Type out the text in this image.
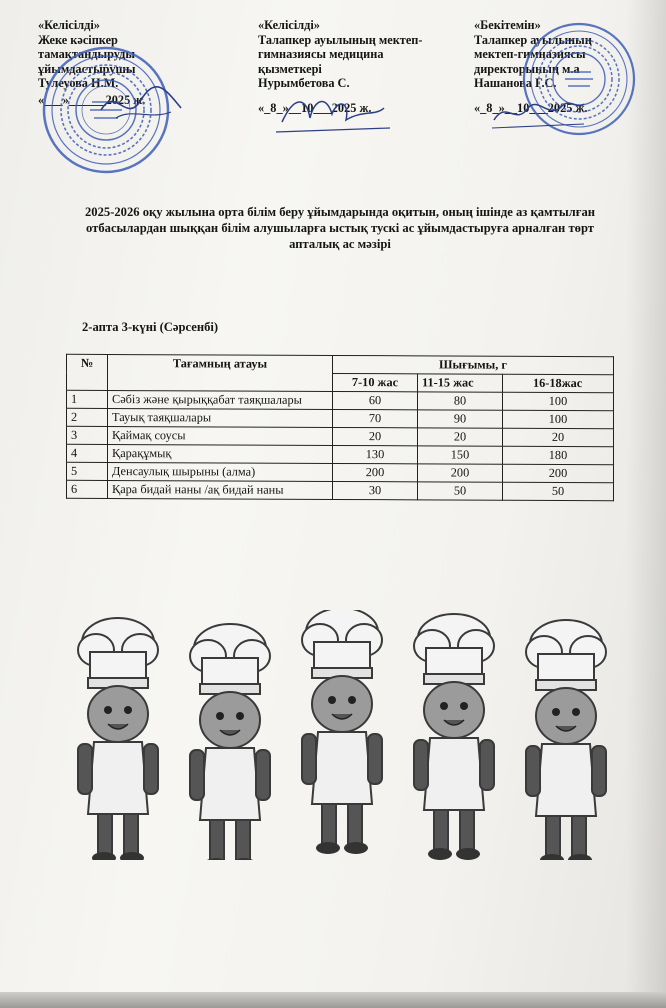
«Келісілді»
Жеке кәсіпкер
тамақтандыруды
ұйымдастырушы
Тулеуова Н.М.
«___»______2025 ж.
«Келісілді»
Талапкер ауылының мектеп-
гимназиясы медицина
қызметкері
Нурымбетова С.
«_8_»__10___2025 ж.
«Бекітемін»
Талапкер ауылының
мектеп-гимназиясы
директорының м.а
Нашанова Г.С.
«_8_»__10___2025 ж.
2025-2026 оқу жылына орта білім беру ұйымдарында оқитын, оның ішінде аз қамтылған отбасылардан шыққан білім алушыларға ыстық тускі ас ұйымдастыруға арналған төрт апталық ас мәзірі
2-апта 3-күні (Сәрсенбі)
№	Тағамның атауы	Шығымы, г		
		7-10 жас	11-15 жас	16-18жас
1	Сәбіз және қырыққабат таяқшалары	60	80	100
2	Тауық таяқшалары	70	90	100
3	Қаймақ соусы	20	20	20
4	Қарақұмық	130	150	180
5	Денсаулық шырыны (алма)	200	200	200
6	Қара бидай наны /ақ бидай наны	30	50	50
